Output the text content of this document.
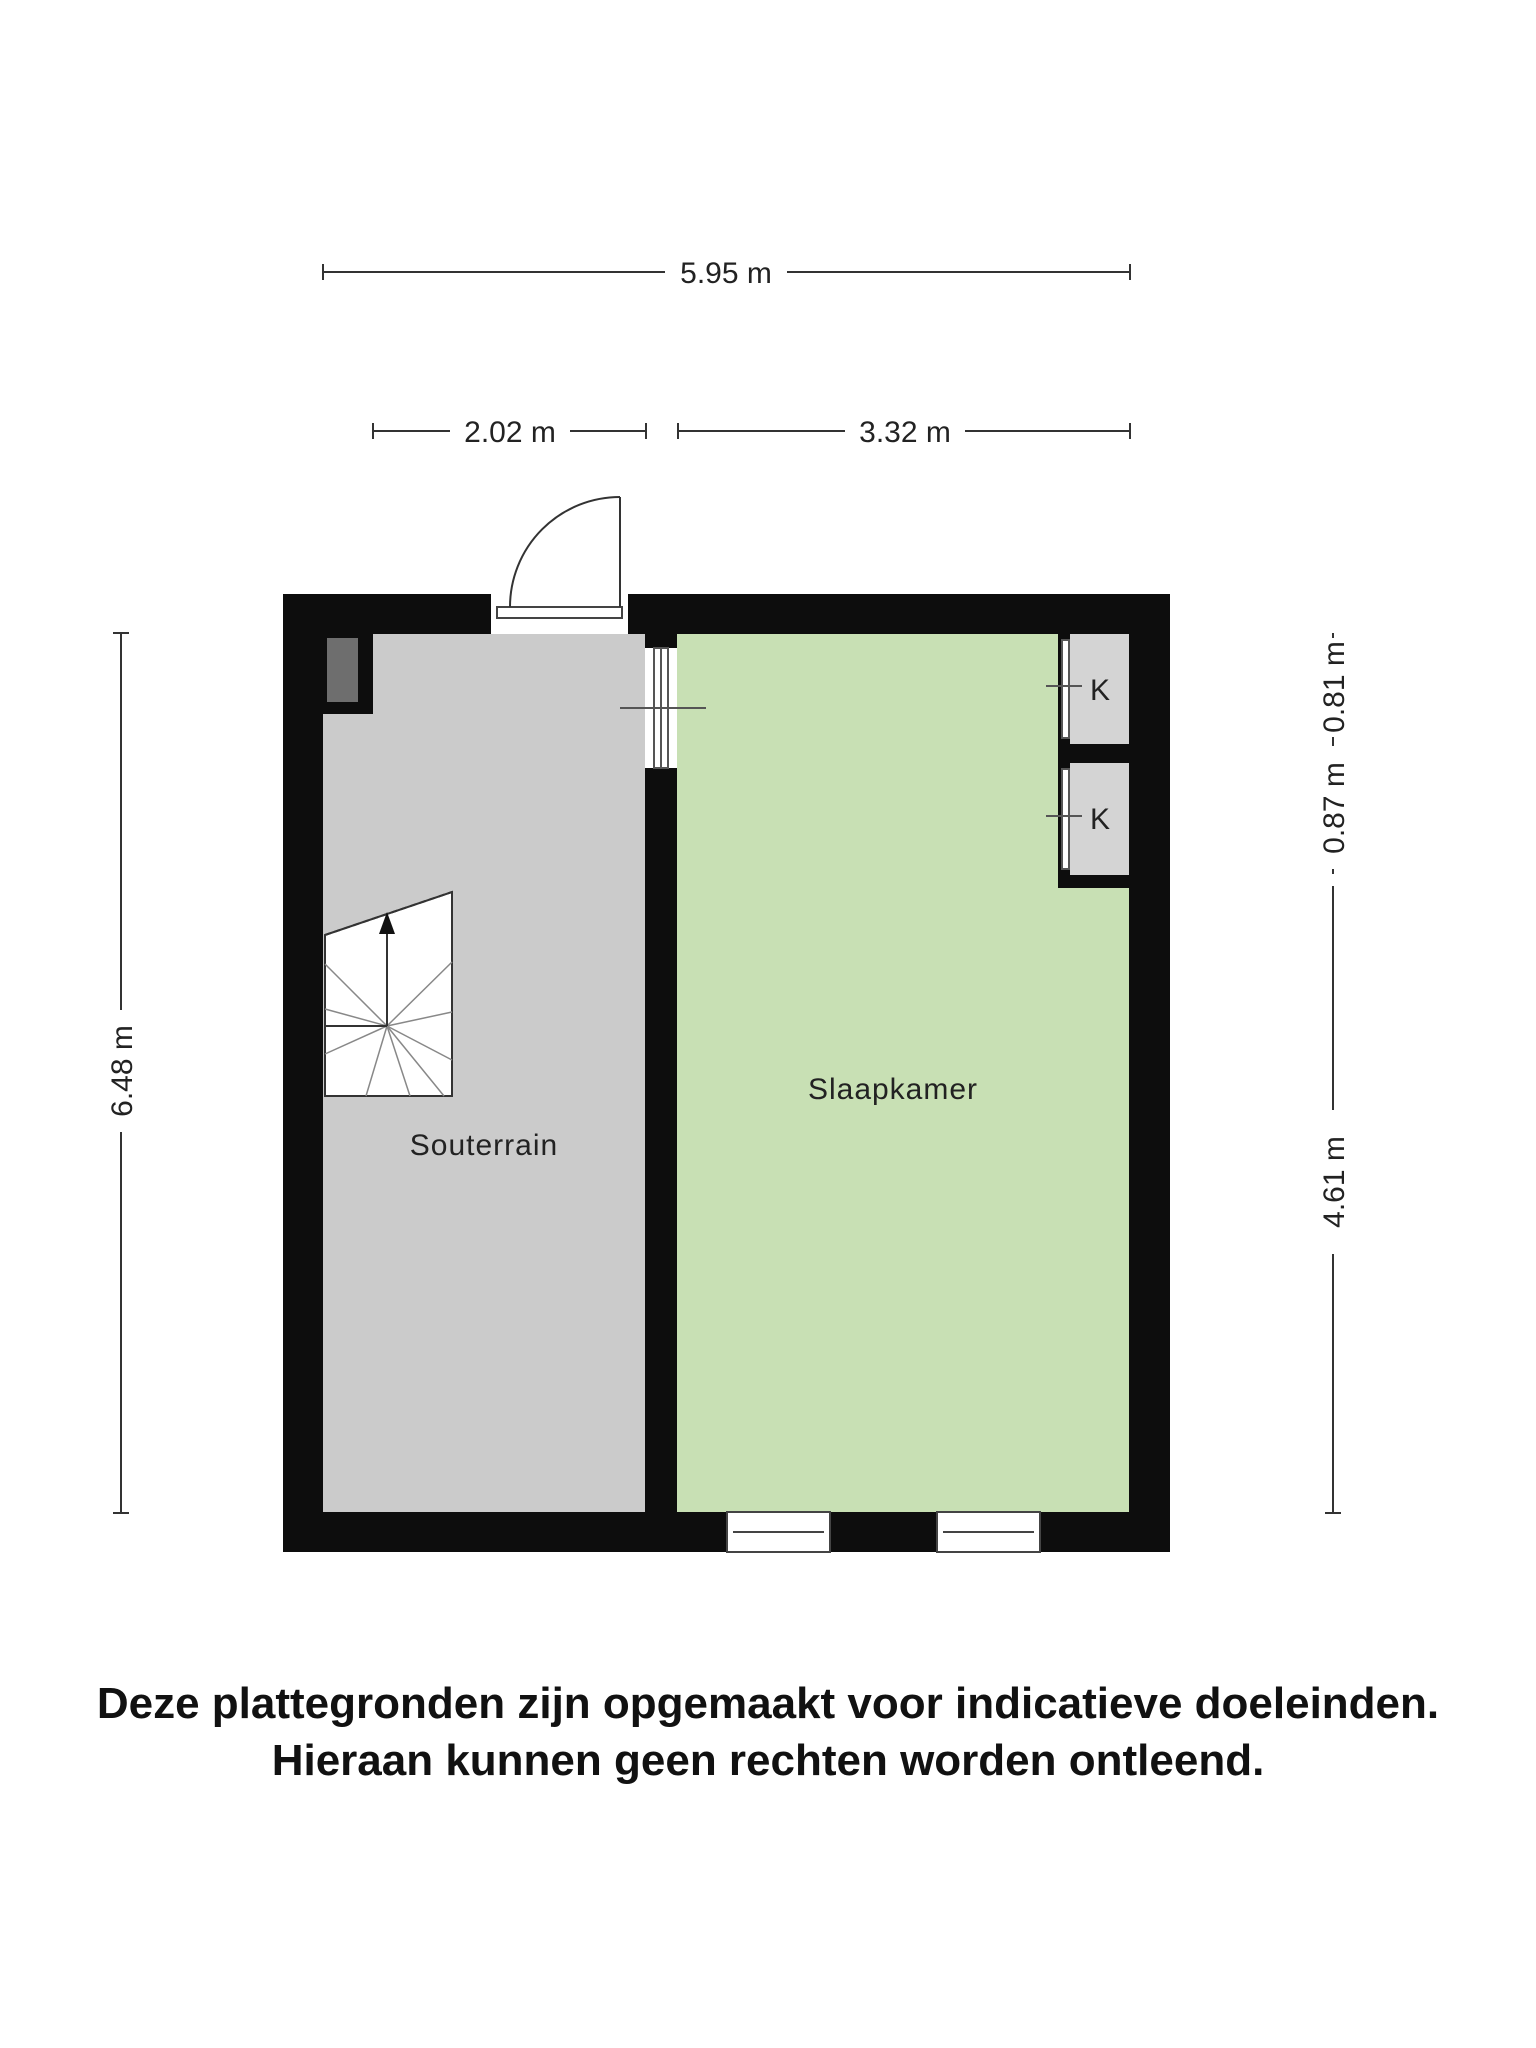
5.95 m
2.02 m	3.32 m
6.48 m
0.81 m
0.87 m
4.61 m
K
K
Souterrain
Slaapkamer
Deze plattegronden zijn opgemaakt voor indicatieve doeleinden.
Hieraan kunnen geen rechten worden ontleend.
